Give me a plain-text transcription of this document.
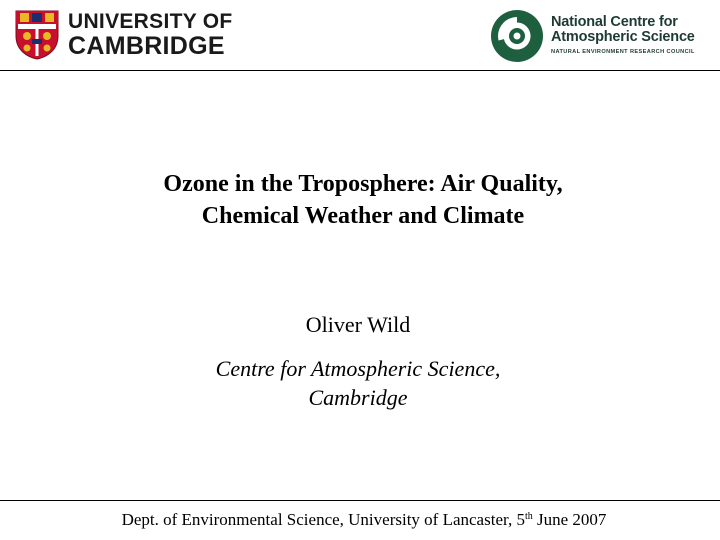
UNIVERSITY OF
CAMBRIDGE
National Centre for
Atmospheric Science
NATURAL ENVIRONMENT RESEARCH COUNCIL
Ozone in the Troposphere: Air Quality,
Chemical Weather and Climate
Oliver Wild
Centre for Atmospheric Science,
Cambridge
Dept. of Environmental Science, University of Lancaster, 5th June 2007
